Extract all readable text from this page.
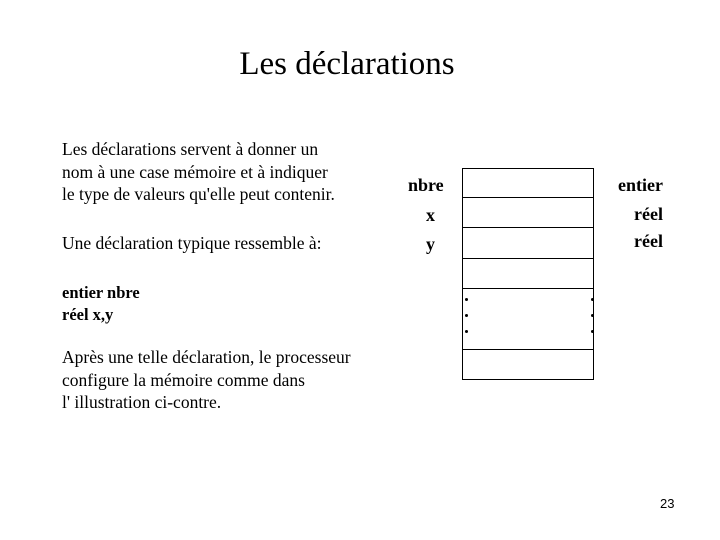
Les déclarations
Les déclarations servent à donner un
nom à une case mémoire et à indiquer
le type de valeurs qu'elle peut contenir.
Une déclaration typique ressemble à:
entier nbre
réel x,y
Après une telle déclaration, le processeur
configure la mémoire comme dans
l' illustration ci-contre.
nbre
x
y
entier
réel
réel
23
